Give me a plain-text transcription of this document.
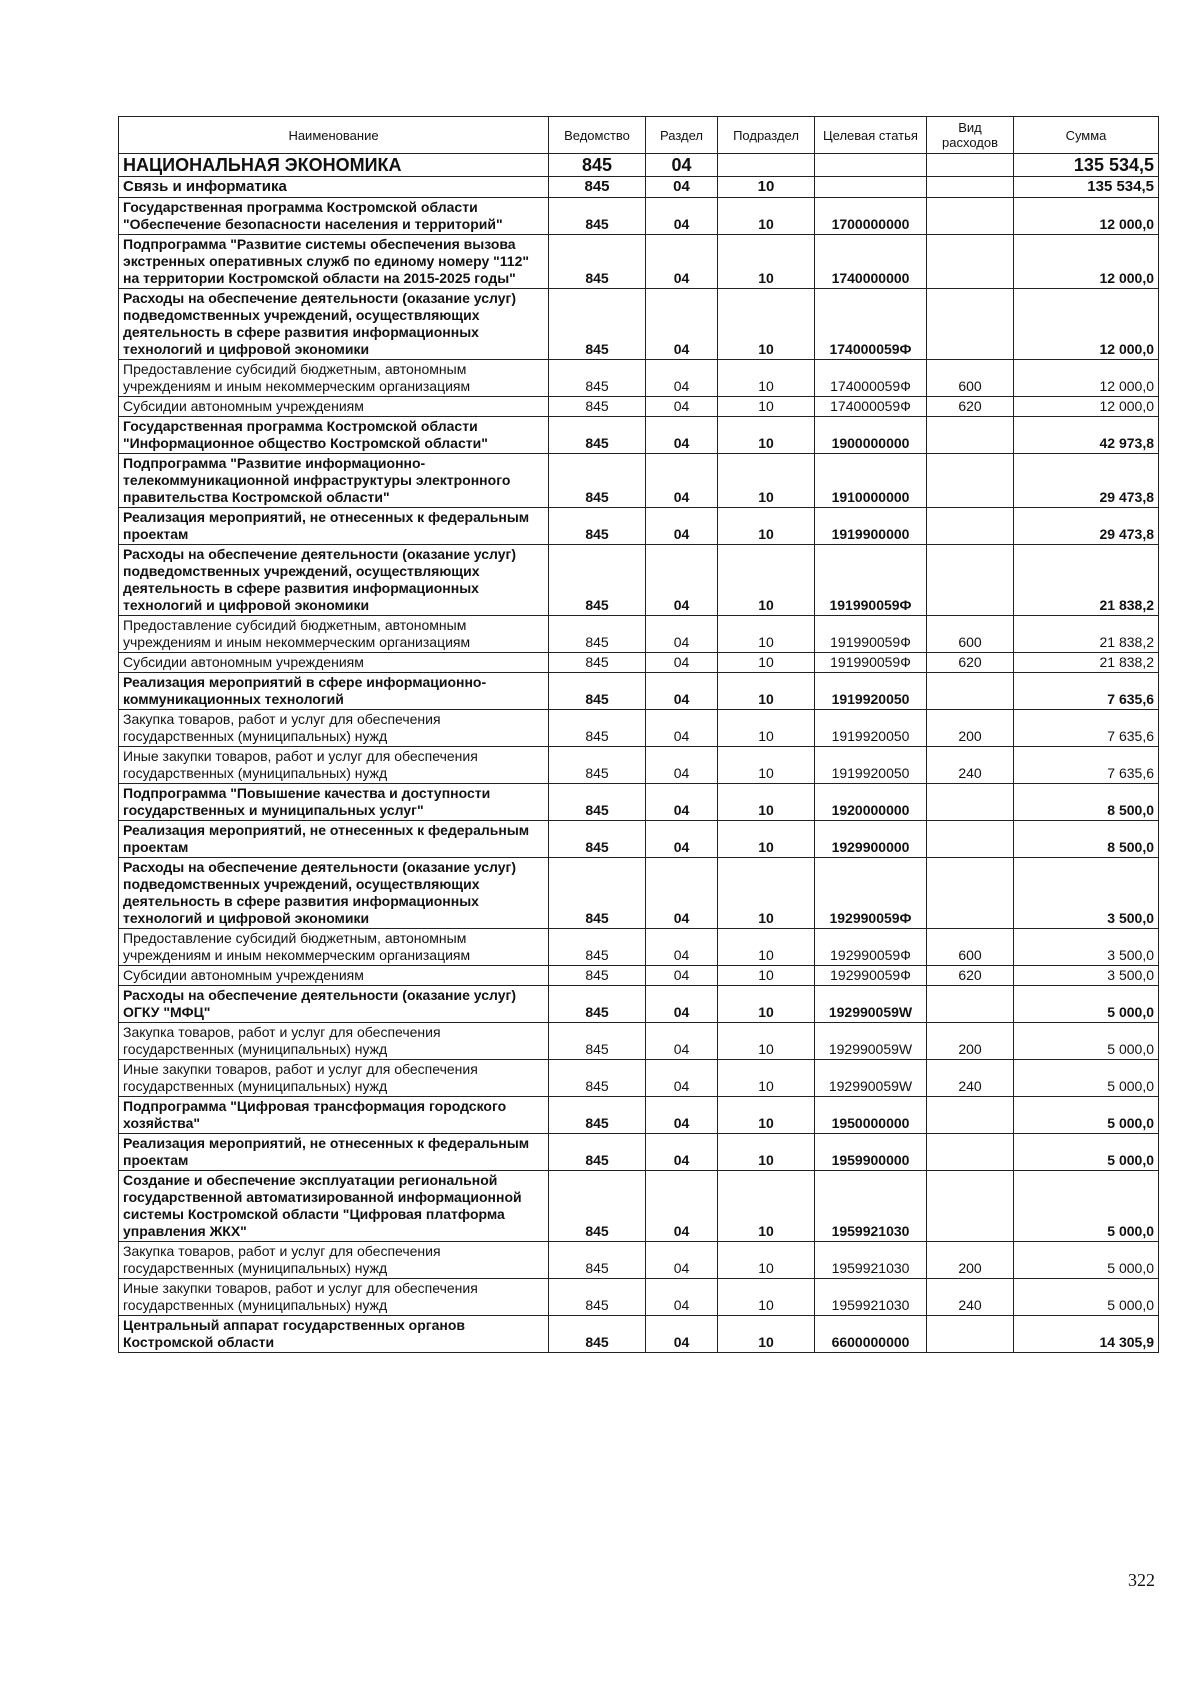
Наименование	Ведомство	Раздел	Подраздел	Целевая статья	Вид расходов	Сумма
НАЦИОНАЛЬНАЯ ЭКОНОМИКА	845	04				135 534,5
Связь и информатика	845	04	10			135 534,5
Государственная программа Костромской области "Обеспечение безопасности населения и территорий"	845	04	10	1700000000		12 000,0
Подпрограмма "Развитие системы обеспечения вызова экстренных оперативных служб по единому номеру "112" на территории Костромской области на 2015-2025 годы"	845	04	10	1740000000		12 000,0
Расходы на обеспечение деятельности (оказание услуг) подведомственных учреждений, осуществляющих деятельность в сфере развития информационных технологий и цифровой экономики	845	04	10	174000059Ф		12 000,0
Предоставление субсидий бюджетным, автономным учреждениям и иным некоммерческим организациям	845	04	10	174000059Ф	600	12 000,0
Субсидии автономным учреждениям	845	04	10	174000059Ф	620	12 000,0
Государственная программа Костромской области "Информационное общество Костромской области"	845	04	10	1900000000		42 973,8
Подпрограмма "Развитие информационно-телекоммуникационной инфраструктуры электронного правительства Костромской области"	845	04	10	1910000000		29 473,8
Реализация мероприятий, не отнесенных к федеральным проектам	845	04	10	1919900000		29 473,8
Расходы на обеспечение деятельности (оказание услуг) подведомственных учреждений, осуществляющих деятельность в сфере развития информационных технологий и цифровой экономики	845	04	10	191990059Ф		21 838,2
Предоставление субсидий бюджетным, автономным учреждениям и иным некоммерческим организациям	845	04	10	191990059Ф	600	21 838,2
Субсидии автономным учреждениям	845	04	10	191990059Ф	620	21 838,2
Реализация мероприятий в сфере информационно-коммуникационных технологий	845	04	10	1919920050		7 635,6
Закупка товаров, работ и услуг для обеспечения государственных (муниципальных) нужд	845	04	10	1919920050	200	7 635,6
Иные закупки товаров, работ и услуг для обеспечения государственных (муниципальных) нужд	845	04	10	1919920050	240	7 635,6
Подпрограмма "Повышение качества и доступности государственных и муниципальных услуг"	845	04	10	1920000000		8 500,0
Реализация мероприятий, не отнесенных к федеральным проектам	845	04	10	1929900000		8 500,0
Расходы на обеспечение деятельности (оказание услуг) подведомственных учреждений, осуществляющих деятельность в сфере развития информационных технологий и цифровой экономики	845	04	10	192990059Ф		3 500,0
Предоставление субсидий бюджетным, автономным учреждениям и иным некоммерческим организациям	845	04	10	192990059Ф	600	3 500,0
Субсидии автономным учреждениям	845	04	10	192990059Ф	620	3 500,0
Расходы на обеспечение деятельности (оказание услуг) ОГКУ "МФЦ"	845	04	10	192990059W		5 000,0
Закупка товаров, работ и услуг для обеспечения государственных (муниципальных) нужд	845	04	10	192990059W	200	5 000,0
Иные закупки товаров, работ и услуг для обеспечения государственных (муниципальных) нужд	845	04	10	192990059W	240	5 000,0
Подпрограмма "Цифровая трансформация городского хозяйства"	845	04	10	1950000000		5 000,0
Реализация мероприятий, не отнесенных к федеральным проектам	845	04	10	1959900000		5 000,0
Создание и обеспечение эксплуатации региональной государственной автоматизированной информационной системы Костромской области "Цифровая платформа управления ЖКХ"	845	04	10	1959921030		5 000,0
Закупка товаров, работ и услуг для обеспечения государственных (муниципальных) нужд	845	04	10	1959921030	200	5 000,0
Иные закупки товаров, работ и услуг для обеспечения государственных (муниципальных) нужд	845	04	10	1959921030	240	5 000,0
Центральный аппарат государственных органов Костромской области	845	04	10	6600000000		14 305,9
322
